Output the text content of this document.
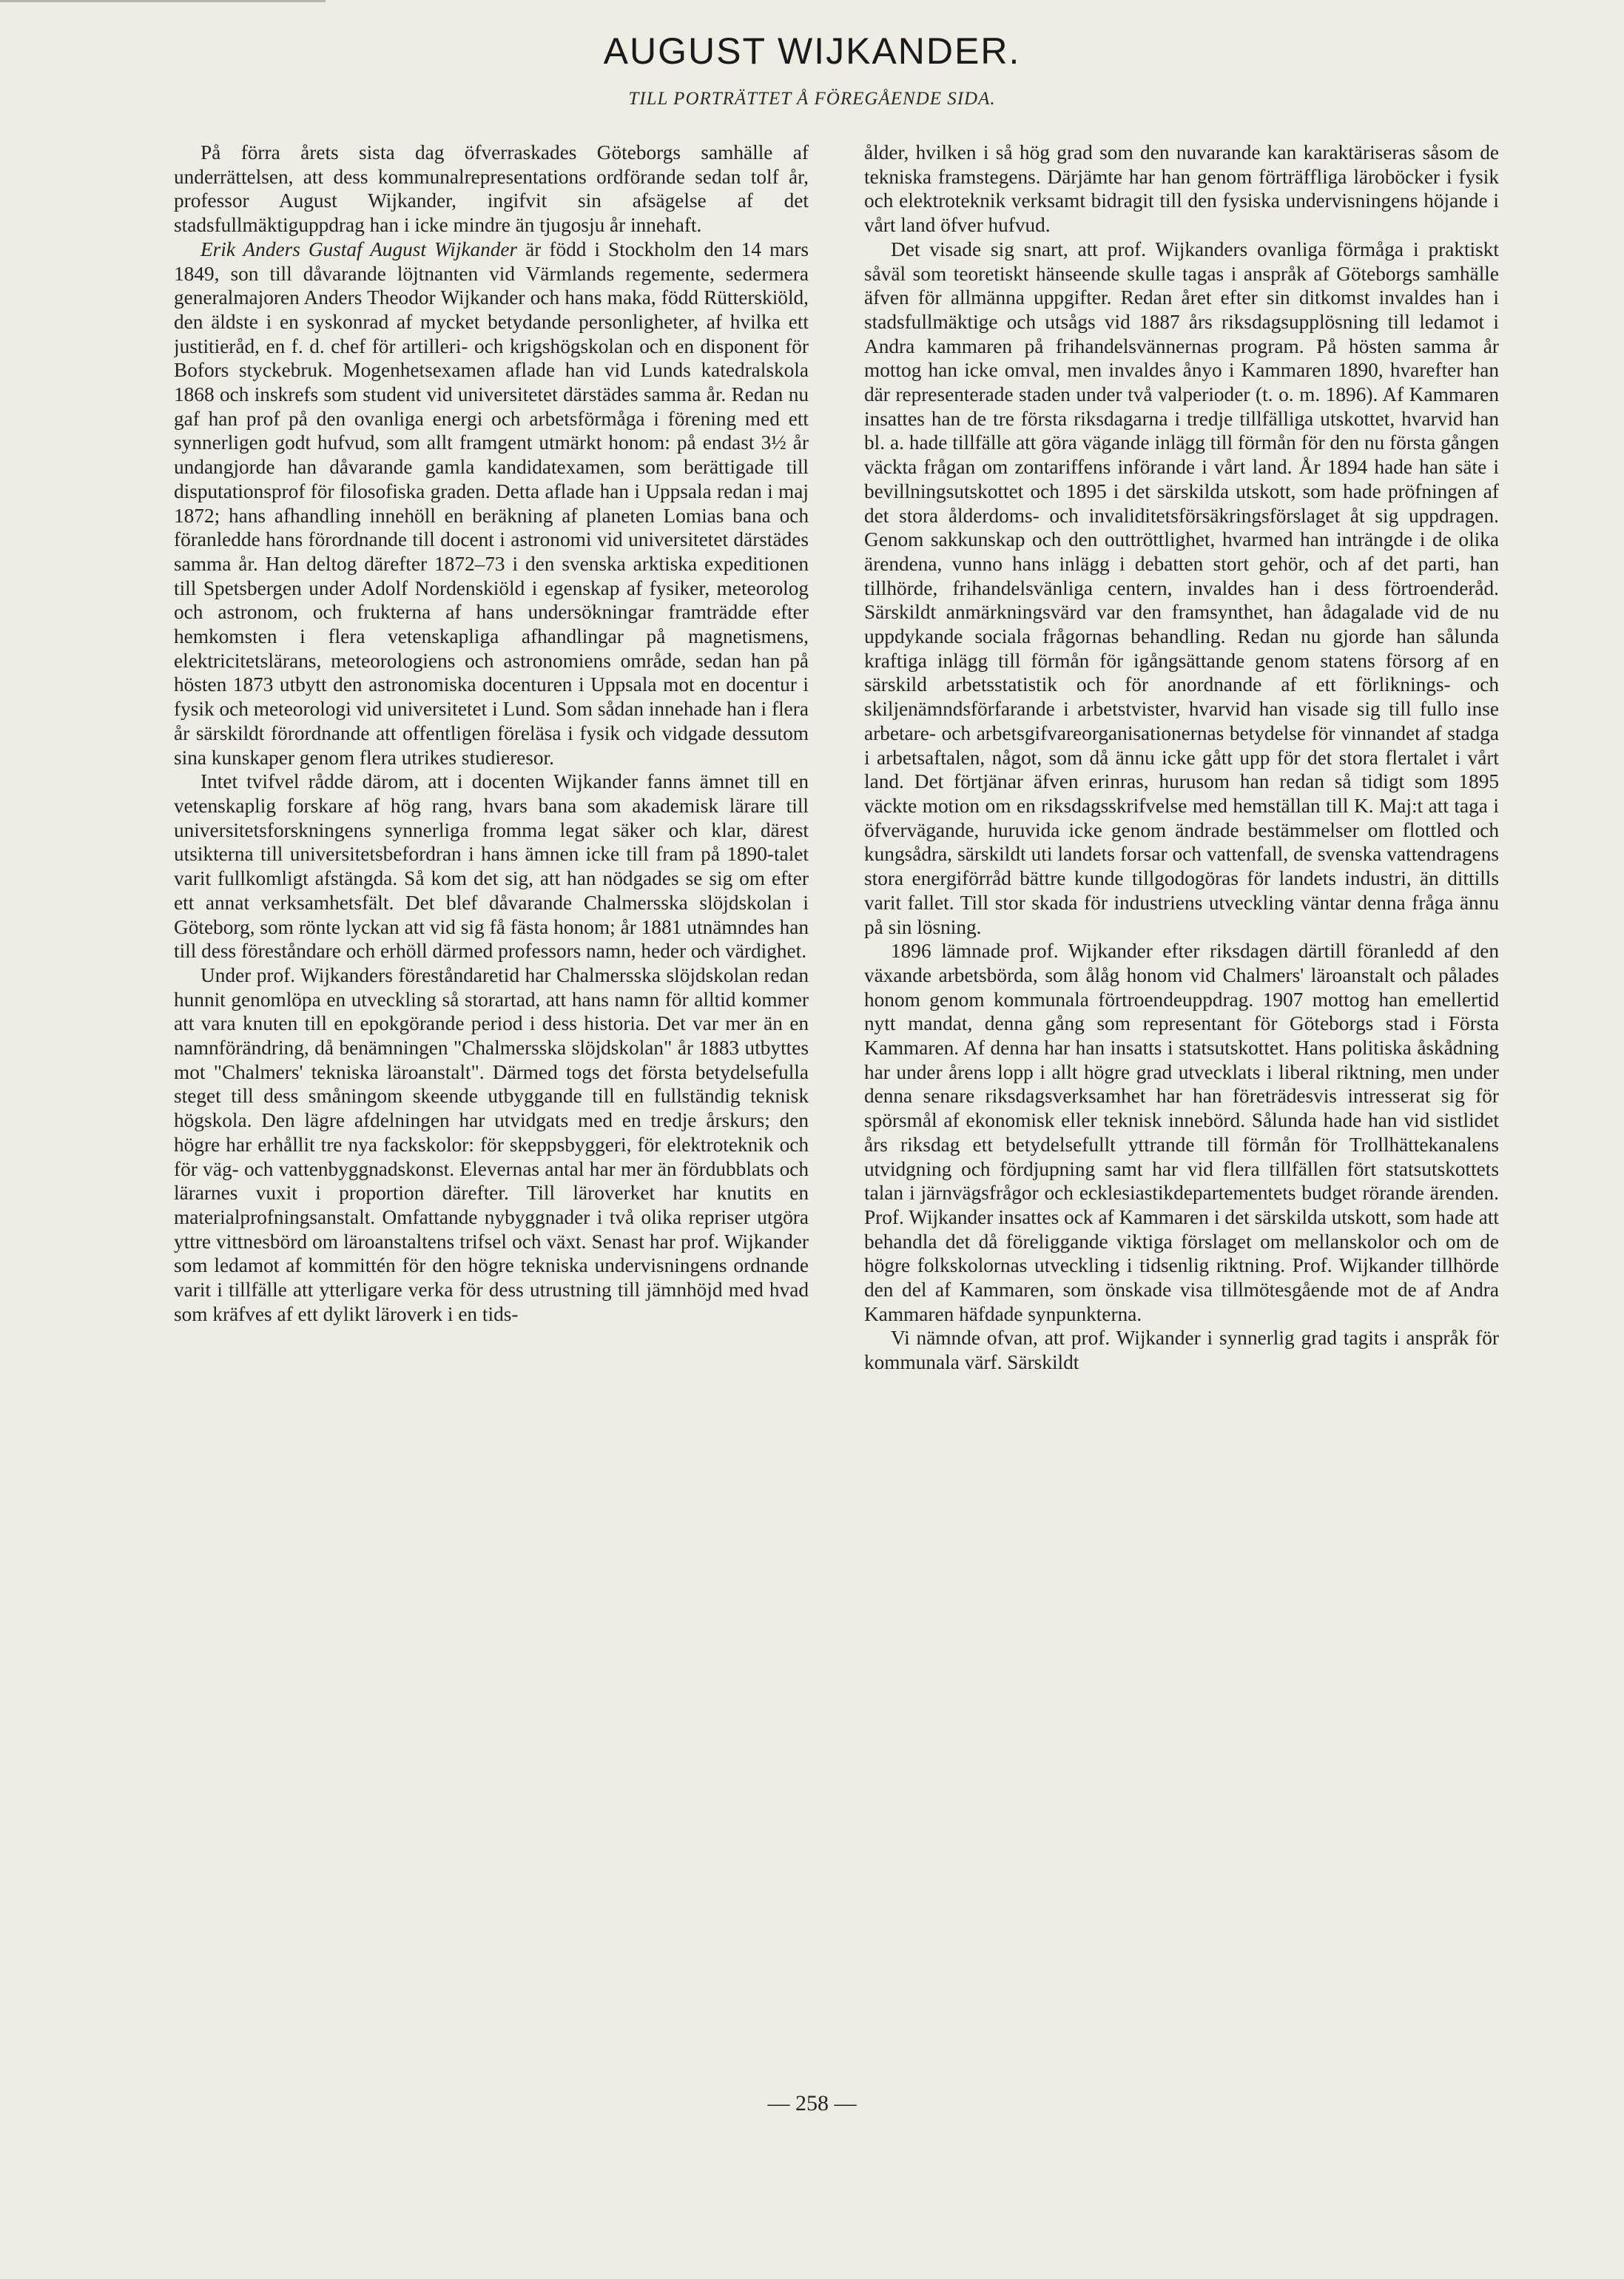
AUGUST WIJKANDER.
TILL PORTRÄTTET Å FÖREGÅENDE SIDA.

På förra årets sista dag öfverraskades Göteborgs samhälle af underrättelsen, att dess kommunalrepresentations ordförande sedan tolf år, professor August Wijkander, ingifvit sin afsägelse af det stadsfullmäktiguppdrag han i icke mindre än tjugosju år innehaft.

Erik Anders Gustaf August Wijkander är född i Stockholm den 14 mars 1849, son till dåvarande löjtnanten vid Värmlands regemente, sedermera generalmajoren Anders Theodor Wijkander och hans maka, född Rütterskiöld, den äldste i en syskonrad af mycket betydande personligheter, af hvilka ett justitieråd, en f. d. chef för artilleri- och krigshögskolan och en disponent för Bofors styckebruk. Mogenhetsexamen aflade han vid Lunds katedralskola 1868 och inskrefs som student vid universitetet därstädes samma år. Redan nu gaf han prof på den ovanliga energi och arbetsförmåga i förening med ett synnerligen godt hufvud, som allt framgent utmärkt honom: på endast 3½ år undangjorde han dåvarande gamla kandidatexamen, som berättigade till disputationsprof för filosofiska graden. Detta aflade han i Uppsala redan i maj 1872; hans afhandling innehöll en beräkning af planeten Lomias bana och föranledde hans förordnande till docent i astronomi vid universitetet därstädes samma år. Han deltog därefter 1872–73 i den svenska arktiska expeditionen till Spetsbergen under Adolf Nordenskiöld i egenskap af fysiker, meteorolog och astronom, och frukterna af hans undersökningar framträdde efter hemkomsten i flera vetenskapliga afhandlingar på magnetismens, elektricitetslärans, meteorologiens och astronomiens område, sedan han på hösten 1873 utbytt den astronomiska docenturen i Uppsala mot en docentur i fysik och meteorologi vid universitetet i Lund. Som sådan innehade han i flera år särskildt förordnande att offentligen föreläsa i fysik och vidgade dessutom sina kunskaper genom flera utrikes studieresor.

Intet tvifvel rådde därom, att i docenten Wijkander fanns ämnet till en vetenskaplig forskare af hög rang, hvars bana som akademisk lärare till universitetsforskningens synnerliga fromma legat säker och klar, därest utsikterna till universitetsbefordran i hans ämnen icke till fram på 1890-talet varit fullkomligt afstängda. Så kom det sig, att han nödgades se sig om efter ett annat verksamhetsfält. Det blef dåvarande Chalmersska slöjdskolan i Göteborg, som rönte lyckan att vid sig få fästa honom; år 1881 utnämndes han till dess föreståndare och erhöll därmed professors namn, heder och värdighet.

Under prof. Wijkanders föreståndaretid har Chalmersska slöjdskolan redan hunnit genomlöpa en utveckling så storartad, att hans namn för alltid kommer att vara knuten till en epokgörande period i dess historia. Det var mer än en namnförändring, då benämningen "Chalmersska slöjdskolan" år 1883 utbyttes mot "Chalmers' tekniska läroanstalt". Därmed togs det första betydelsefulla steget till dess småningom skeende utbyggande till en fullständig teknisk högskola. Den lägre afdelningen har utvidgats med en tredje årskurs; den högre har erhållit tre nya fackskolor: för skeppsbyggeri, för elektroteknik och för väg- och vattenbyggnadskonst. Elevernas antal har mer än fördubblats och lärarnes vuxit i proportion därefter. Till läroverket har knutits en materialprofningsanstalt. Omfattande nybyggnader i två olika repriser utgöra yttre vittnesbörd om läroanstaltens trifsel och växt. Senast har prof. Wijkander som ledamot af kommittén för den högre tekniska undervisningens ordnande varit i tillfälle att ytterligare verka för dess utrustning till jämnhöjd med hvad som kräfves af ett dylikt läroverk i en tids-

ålder, hvilken i så hög grad som den nuvarande kan karaktäriseras såsom de tekniska framstegens. Därjämte har han genom förträffliga läroböcker i fysik och elektroteknik verksamt bidragit till den fysiska undervisningens höjande i vårt land öfver hufvud.

Det visade sig snart, att prof. Wijkanders ovanliga förmåga i praktiskt såväl som teoretiskt hänseende skulle tagas i anspråk af Göteborgs samhälle äfven för allmänna uppgifter. Redan året efter sin ditkomst invaldes han i stadsfullmäktige och utsågs vid 1887 års riksdagsupplösning till ledamot i Andra kammaren på frihandelsvännernas program. På hösten samma år mottog han icke omval, men invaldes ånyo i Kammaren 1890, hvarefter han där representerade staden under två valperioder (t. o. m. 1896). Af Kammaren insattes han de tre första riksdagarna i tredje tillfälliga utskottet, hvarvid han bl. a. hade tillfälle att göra vägande inlägg till förmån för den nu första gången väckta frågan om zontariffens införande i vårt land. År 1894 hade han säte i bevillningsutskottet och 1895 i det särskilda utskott, som hade pröfningen af det stora ålderdoms- och invaliditetsförsäkringsförslaget åt sig uppdragen. Genom sakkunskap och den outtröttlighet, hvarmed han inträngde i de olika ärendena, vunno hans inlägg i debatten stort gehör, och af det parti, han tillhörde, frihandelsvänliga centern, invaldes han i dess förtroenderåd. Särskildt anmärkningsvärd var den framsynthet, han ådagalade vid de nu uppdykande sociala frågornas behandling. Redan nu gjorde han sålunda kraftiga inlägg till förmån för igångsättande genom statens försorg af en särskild arbetsstatistik och för anordnande af ett förliknings- och skiljenämndsförfarande i arbetstvister, hvarvid han visade sig till fullo inse arbetare- och arbetsgifvareorganisationernas betydelse för vinnandet af stadga i arbetsaftalen, något, som då ännu icke gått upp för det stora flertalet i vårt land. Det förtjänar äfven erinras, hurusom han redan så tidigt som 1895 väckte motion om en riksdagsskrifvelse med hemställan till K. Maj:t att taga i öfvervägande, huruvida icke genom ändrade bestämmelser om flottled och kungsådra, särskildt uti landets forsar och vattenfall, de svenska vattendragens stora energiförråd bättre kunde tillgodogöras för landets industri, än dittills varit fallet. Till stor skada för industriens utveckling väntar denna fråga ännu på sin lösning.

1896 lämnade prof. Wijkander efter riksdagen därtill föranledd af den växande arbetsbörda, som ålåg honom vid Chalmers' läroanstalt och pålades honom genom kommunala förtroendeuppdrag. 1907 mottog han emellertid nytt mandat, denna gång som representant för Göteborgs stad i Första Kammaren. Af denna har han insatts i statsutskottet. Hans politiska åskådning har under årens lopp i allt högre grad utvecklats i liberal riktning, men under denna senare riksdagsverksamhet har han företrädesvis intresserat sig för spörsmål af ekonomisk eller teknisk innebörd. Sålunda hade han vid sistlidet års riksdag ett betydelsefullt yttrande till förmån för Trollhättekanalens utvidgning och fördjupning samt har vid flera tillfällen fört statsutskottets talan i järnvägsfrågor och ecklesiastikdepartementets budget rörande ärenden. Prof. Wijkander insattes ock af Kammaren i det särskilda utskott, som hade att behandla det då föreliggande viktiga förslaget om mellanskolor och om de högre folkskolornas utveckling i tidsenlig riktning. Prof. Wijkander tillhörde den del af Kammaren, som önskade visa tillmötesgående mot de af Andra Kammaren häfdade synpunkterna.

Vi nämnde ofvan, att prof. Wijkander i synnerlig grad tagits i anspråk för kommunala värf. Särskildt

— 258 —
